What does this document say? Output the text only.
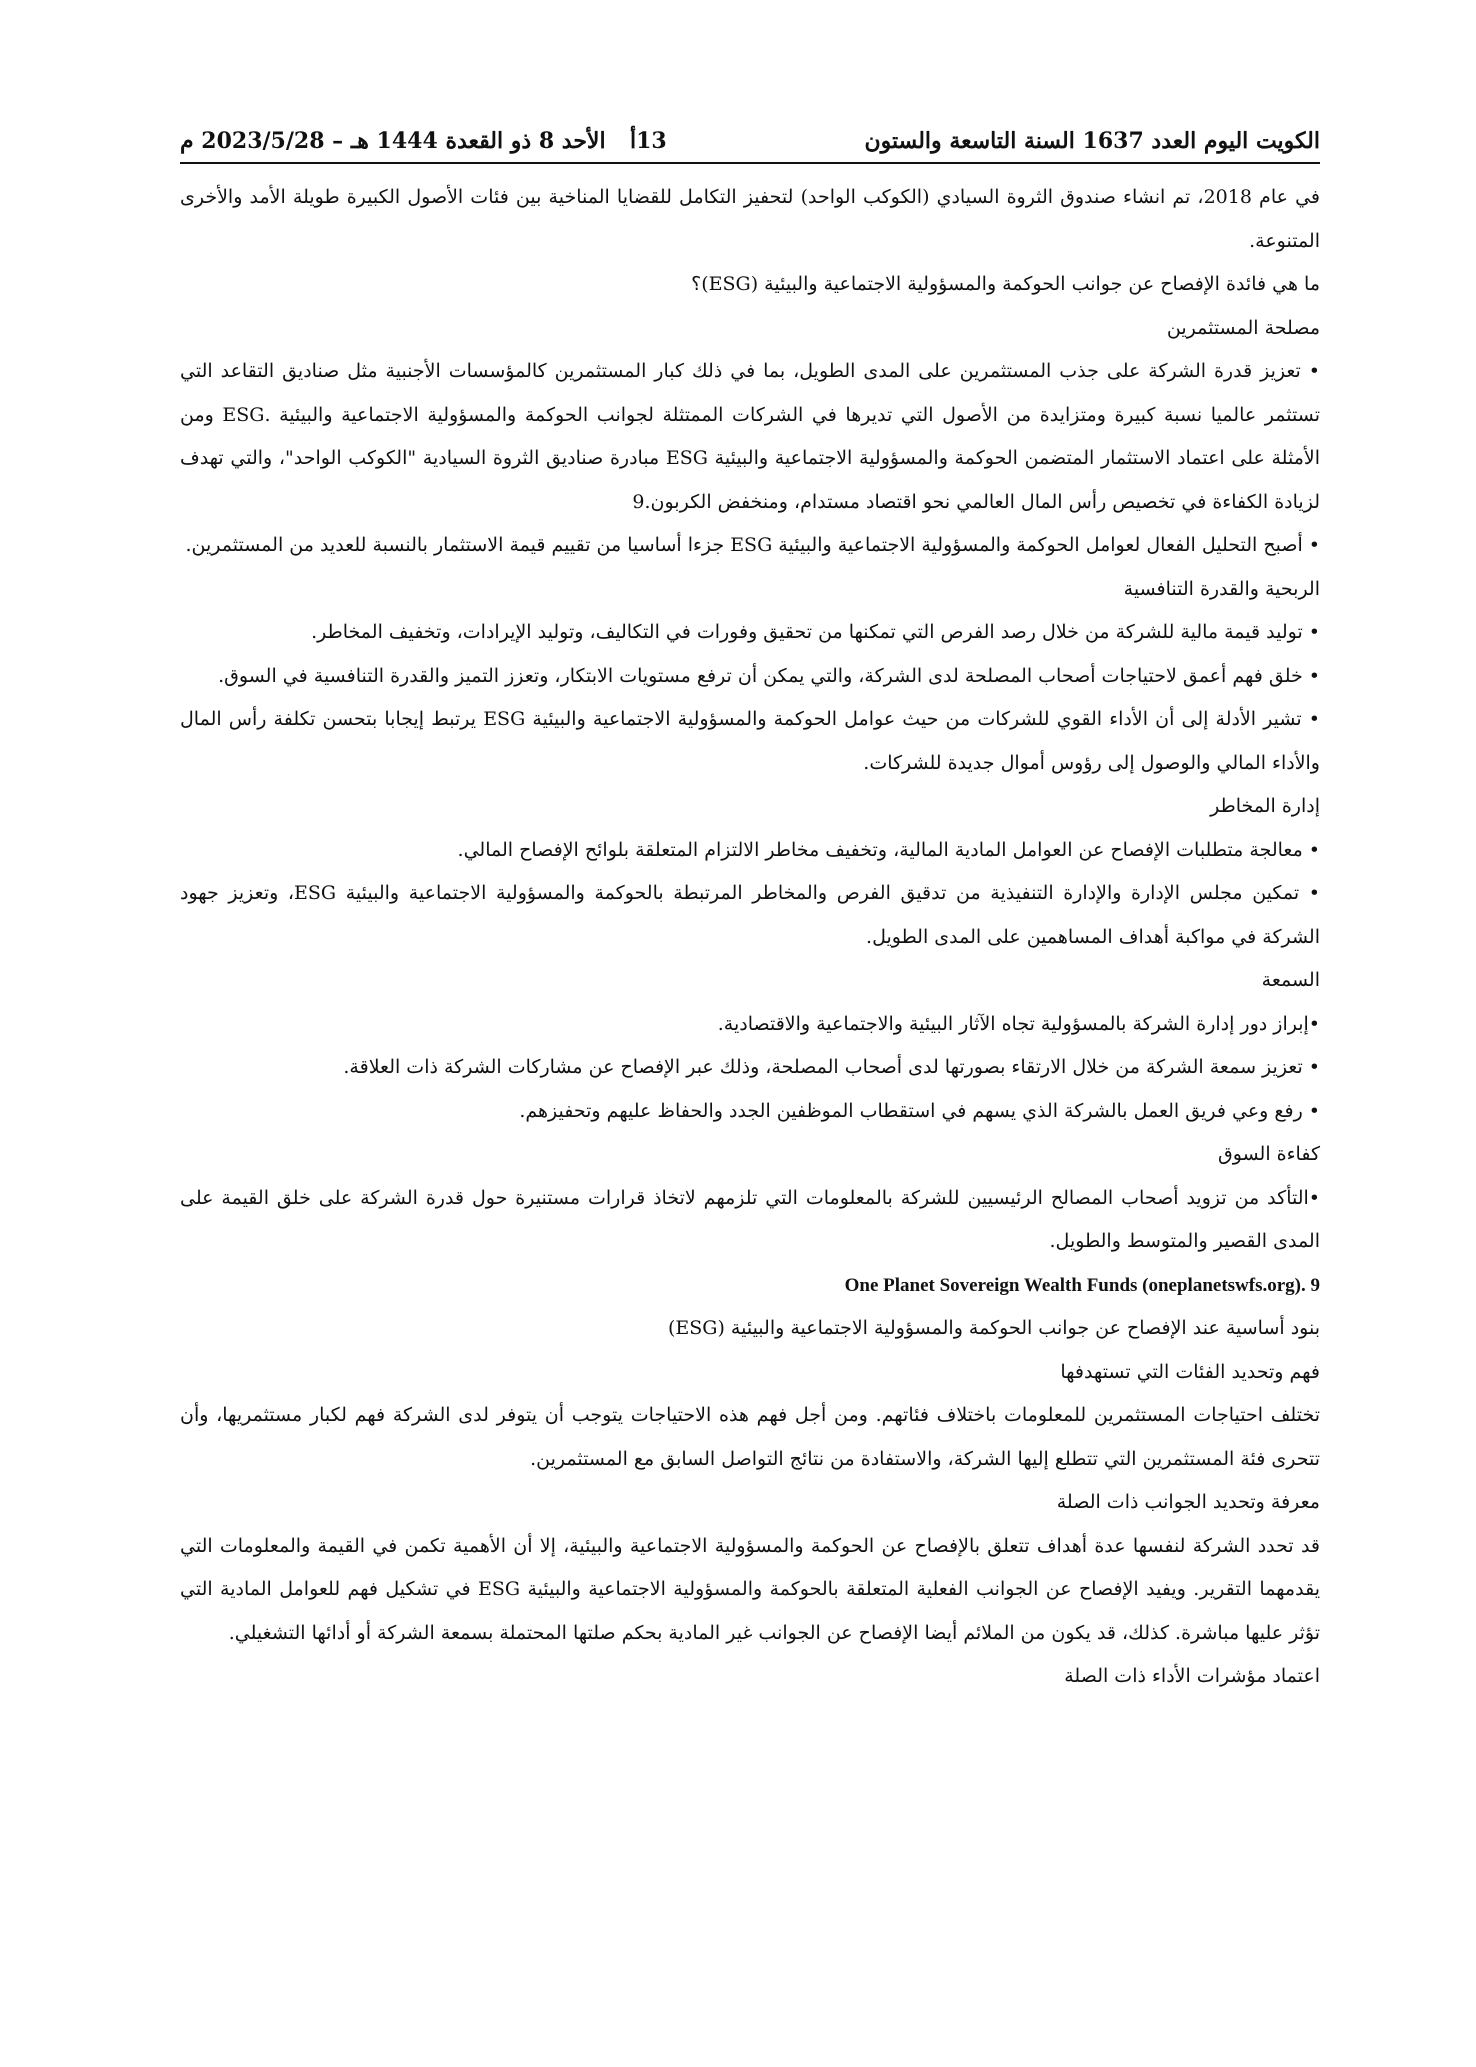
الكويت اليوم العدد 1637 السنة التاسعة والستون
13أ
الأحد 8 ذو القعدة 1444 هـ – 2023/5/28 م

في عام 2018، تم انشاء صندوق الثروة السيادي (الكوكب الواحد) لتحفيز التكامل للقضايا المناخية بين فئات الأصول الكبيرة طويلة الأمد والأخرى المتنوعة.

ما هي فائدة الإفصاح عن جوانب الحوكمة والمسؤولية الاجتماعية والبيئية (ESG)؟

مصلحة المستثمرين

• تعزيز قدرة الشركة على جذب المستثمرين على المدى الطويل، بما في ذلك كبار المستثمرين كالمؤسسات الأجنبية مثل صناديق التقاعد التي تستثمر عالميا نسبة كبيرة ومتزايدة من الأصول التي تديرها في الشركات الممتثلة لجوانب الحوكمة والمسؤولية الاجتماعية والبيئية .ESG ومن الأمثلة على اعتماد الاستثمار المتضمن الحوكمة والمسؤولية الاجتماعية والبيئية ESG مبادرة صناديق الثروة السيادية "الكوكب الواحد"، والتي تهدف لزيادة الكفاءة في تخصيص رأس المال العالمي نحو اقتصاد مستدام، ومنخفض الكربون.9

• أصبح التحليل الفعال لعوامل الحوكمة والمسؤولية الاجتماعية والبيئية ESG جزءا أساسيا من تقييم قيمة الاستثمار بالنسبة للعديد من المستثمرين.

الربحية والقدرة التنافسية

• توليد قيمة مالية للشركة من خلال رصد الفرص التي تمكنها من تحقيق وفورات في التكاليف، وتوليد الإيرادات، وتخفيف المخاطر.

• خلق فهم أعمق لاحتياجات أصحاب المصلحة لدى الشركة، والتي يمكن أن ترفع مستويات الابتكار، وتعزز التميز والقدرة التنافسية في السوق.

• تشير الأدلة إلى أن الأداء القوي للشركات من حيث عوامل الحوكمة والمسؤولية الاجتماعية والبيئية ESG يرتبط إيجابا بتحسن تكلفة رأس المال والأداء المالي والوصول إلى رؤوس أموال جديدة للشركات.

إدارة المخاطر

• معالجة متطلبات الإفصاح عن العوامل المادية المالية، وتخفيف مخاطر الالتزام المتعلقة بلوائح الإفصاح المالي.

• تمكين مجلس الإدارة والإدارة التنفيذية من تدقيق الفرص والمخاطر المرتبطة بالحوكمة والمسؤولية الاجتماعية والبيئية ESG، وتعزيز جهود الشركة في مواكبة أهداف المساهمين على المدى الطويل.

السمعة

•إبراز دور إدارة الشركة بالمسؤولية تجاه الآثار البيئية والاجتماعية والاقتصادية.

• تعزيز سمعة الشركة من خلال الارتقاء بصورتها لدى أصحاب المصلحة، وذلك عبر الإفصاح عن مشاركات الشركة ذات العلاقة.

• رفع وعي فريق العمل بالشركة الذي يسهم في استقطاب الموظفين الجدد والحفاظ عليهم وتحفيزهم.

كفاءة السوق

•التأكد من تزويد أصحاب المصالح الرئيسيين للشركة بالمعلومات التي تلزمهم لاتخاذ قرارات مستنيرة حول قدرة الشركة على خلق القيمة على المدى القصير والمتوسط والطويل.

One Planet Sovereign Wealth Funds (oneplanetswfs.org). 9

بنود أساسية عند الإفصاح عن جوانب الحوكمة والمسؤولية الاجتماعية والبيئية (ESG)

فهم وتحديد الفئات التي تستهدفها

تختلف احتياجات المستثمرين للمعلومات باختلاف فئاتهم. ومن أجل فهم هذه الاحتياجات يتوجب أن يتوفر لدى الشركة فهم لكبار مستثمريها، وأن تتحرى فئة المستثمرين التي تتطلع إليها الشركة، والاستفادة من نتائج التواصل السابق مع المستثمرين.

معرفة وتحديد الجوانب ذات الصلة

قد تحدد الشركة لنفسها عدة أهداف تتعلق بالإفصاح عن الحوكمة والمسؤولية الاجتماعية والبيئية، إلا أن الأهمية تكمن في القيمة والمعلومات التي يقدمهما التقرير. ويفيد الإفصاح عن الجوانب الفعلية المتعلقة بالحوكمة والمسؤولية الاجتماعية والبيئية ESG في تشكيل فهم للعوامل المادية التي تؤثر عليها مباشرة. كذلك، قد يكون من الملائم أيضا الإفصاح عن الجوانب غير المادية بحكم صلتها المحتملة بسمعة الشركة أو أدائها التشغيلي.

اعتماد مؤشرات الأداء ذات الصلة
